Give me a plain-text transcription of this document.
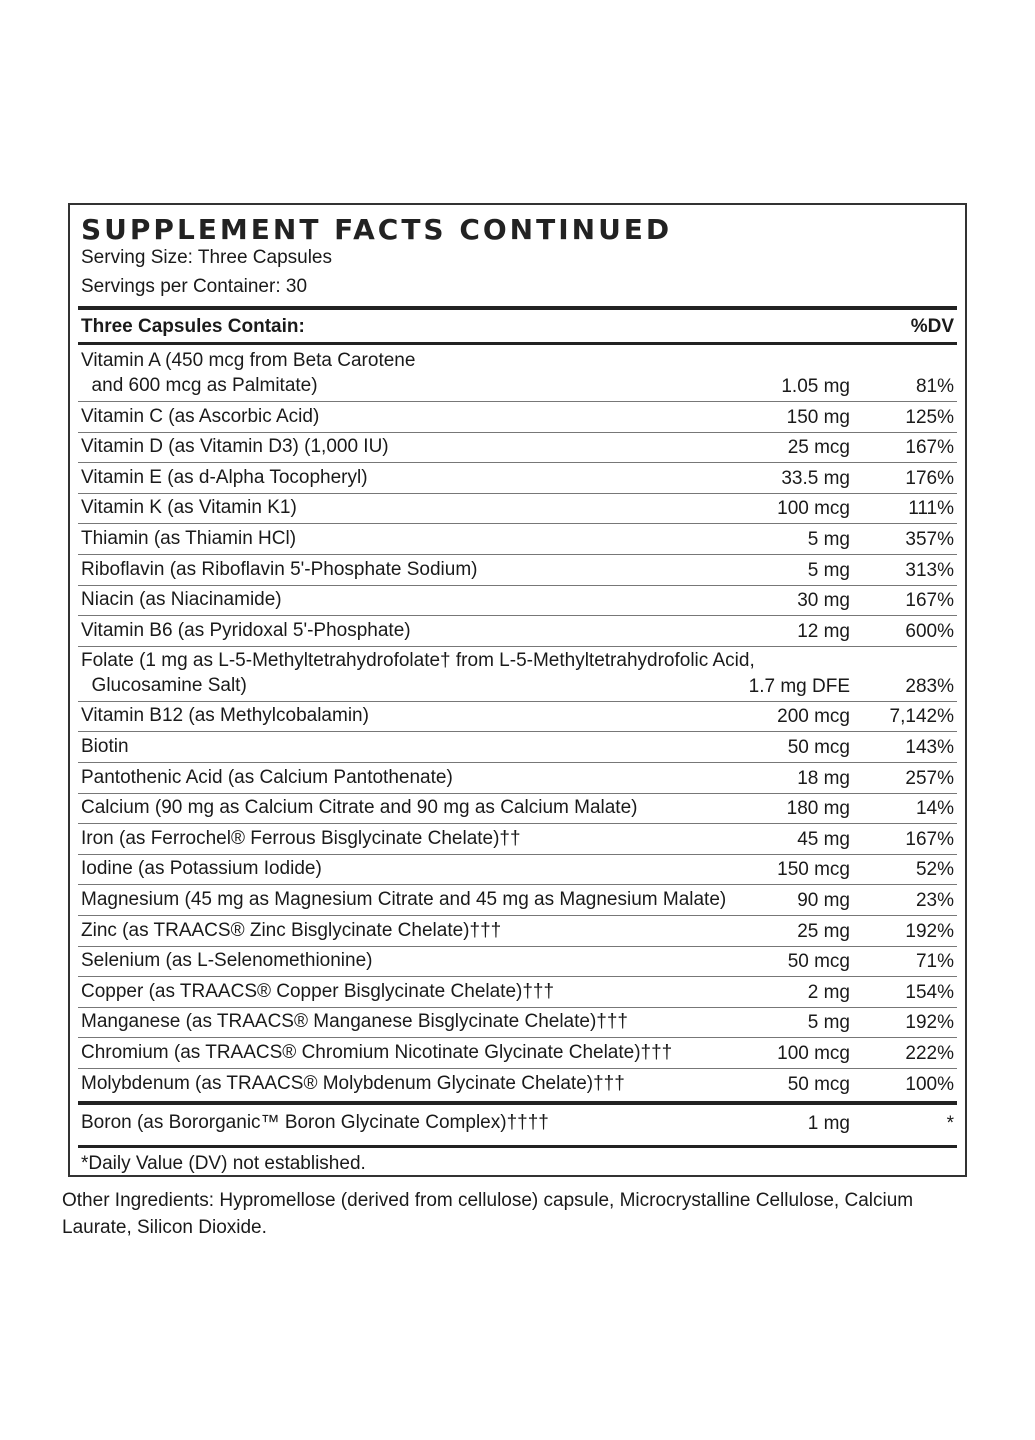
SUPPLEMENT FACTS CONTINUED
Serving Size: Three Capsules
Servings per Container: 30
Three Capsules Contain:	%DV
Vitamin A (450 mcg from Beta Carotene
and 600 mcg as Palmitate)	1.05 mg	81%
Vitamin C (as Ascorbic Acid)	150 mg	125%
Vitamin D (as Vitamin D3) (1,000 IU)	25 mcg	167%
Vitamin E (as d-Alpha Tocopheryl)	33.5 mg	176%
Vitamin K (as Vitamin K1)	100 mcg	111%
Thiamin (as Thiamin HCl)	5 mg	357%
Riboflavin (as Riboflavin 5'-Phosphate Sodium)	5 mg	313%
Niacin (as Niacinamide)	30 mg	167%
Vitamin B6 (as Pyridoxal 5'-Phosphate)	12 mg	600%
Folate (1 mg as L-5-Methyltetrahydrofolate† from L-5-Methyltetrahydrofolic Acid,
Glucosamine Salt)	1.7 mg DFE	283%
Vitamin B12 (as Methylcobalamin)	200 mcg 7,142%
Biotin	50 mcg	143%
Pantothenic Acid (as Calcium Pantothenate)	18 mg	257%
Calcium (90 mg as Calcium Citrate and 90 mg as Calcium Malate)	180 mg	14%
Iron (as Ferrochel® Ferrous Bisglycinate Chelate)††	45 mg	167%
Iodine (as Potassium Iodide)	150 mcg	52%
Magnesium (45 mg as Magnesium Citrate and 45 mg as Magnesium Malate)	90 mg	23%
Zinc (as TRAACS® Zinc Bisglycinate Chelate)†††	25 mg	192%
Selenium (as L-Selenomethionine)	50 mcg	71%
Copper (as TRAACS® Copper Bisglycinate Chelate)†††	2 mg	154%
Manganese (as TRAACS® Manganese Bisglycinate Chelate)†††	5 mg	192%
Chromium (as TRAACS® Chromium Nicotinate Glycinate Chelate)†††	100 mcg	222%
Molybdenum (as TRAACS® Molybdenum Glycinate Chelate)†††	50 mcg	100%
Boron (as Bororganic™ Boron Glycinate Complex)††††	1 mg	*
*Daily Value (DV) not established.
Other Ingredients: Hypromellose (derived from cellulose) capsule, Microcrystalline Cellulose, Calcium Laurate, Silicon Dioxide.
